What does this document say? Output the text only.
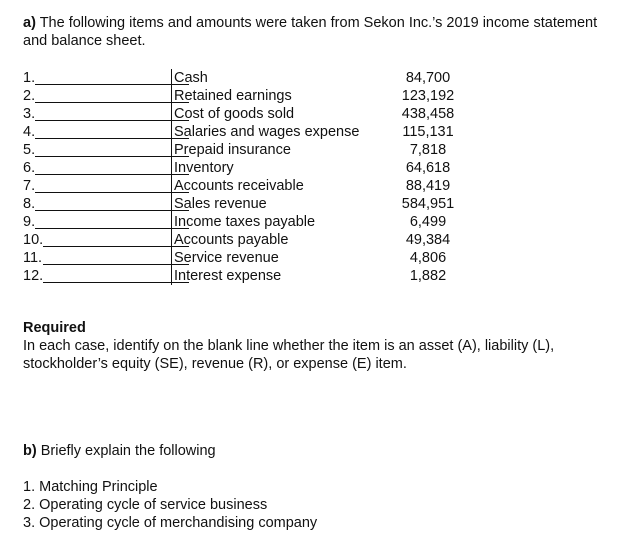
a) The following items and amounts were taken from Sekon Inc.’s 2019 income statement and balance sheet.

1.	Cash	84,700
2.	Retained earnings	123,192
3.	Cost of goods sold	438,458
4.	Salaries and wages expense	115,131
5.	Prepaid insurance	7,818
6.	Inventory	64,618
7.	Accounts receivable	88,419
8.	Sales revenue	584,951
9.	Income taxes payable	6,499
10.	Accounts payable	49,384
11.	Service revenue	4,806
12.	Interest expense	1,882

Required

In each case, identify on the blank line whether the item is an asset (A), liability (L), stockholder’s equity (SE), revenue (R), or expense (E) item.

b) Briefly explain the following

1. Matching Principle
2. Operating cycle of service business
3. Operating cycle of merchandising company
